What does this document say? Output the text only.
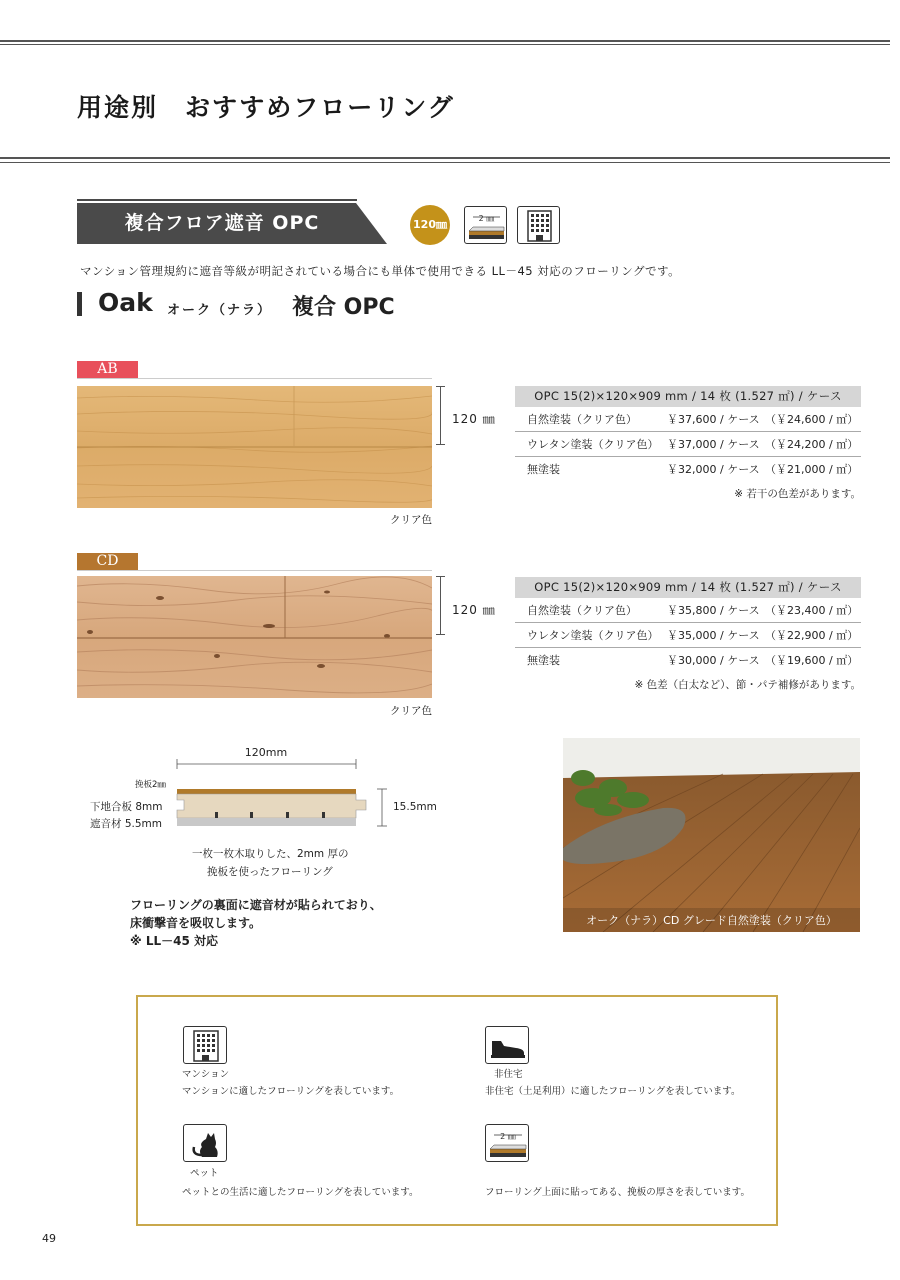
用途別　おすすめフローリング
複合フロア遮音 OPC	120㎜	2 ㎜
マンション管理規約に遮音等級が明記されている場合にも単体で使用できる LL－45 対応のフローリングです。
Oak オーク（ナラ） 複合 OPC
AB
120 ㎜
クリア色
OPC 15(2)×120×909 mm / 14 枚 (1.527 ㎡) / ケース
自然塗装（クリア色）	￥37,600 / ケース （￥24,600 / ㎡）
ウレタン塗装（クリア色） ￥37,000 / ケース （￥24,200 / ㎡）
無塗装	￥32,000 / ケース （￥21,000 / ㎡）
※ 若干の色差があります。
CD
120 ㎜
クリア色
OPC 15(2)×120×909 mm / 14 枚 (1.527 ㎡) / ケース
自然塗装（クリア色）	￥35,800 / ケース （￥23,400 / ㎡）
ウレタン塗装（クリア色） ￥35,000 / ケース （￥22,900 / ㎡）
無塗装	￥30,000 / ケース （￥19,600 / ㎡）
※ 色差（白太など）、節・パテ補修があります。
120mm
挽板2㎜
下地合板 8mm
遮音材 5.5mm
15.5mm
一枚一枚木取りした、2mm 厚の
挽板を使ったフローリング
フローリングの裏面に遮音材が貼られており、
床衝撃音を吸収します。
※ LL－45 対応
オーク（ナラ）CD グレード自然塗装（クリア色）
マンション
マンションに適したフローリングを表しています。
非住宅
非住宅（土足利用）に適したフローリングを表しています。
ペット
ペットとの生活に適したフローリングを表しています。
2 ㎜
フローリング上面に貼ってある、挽板の厚さを表しています。
49
